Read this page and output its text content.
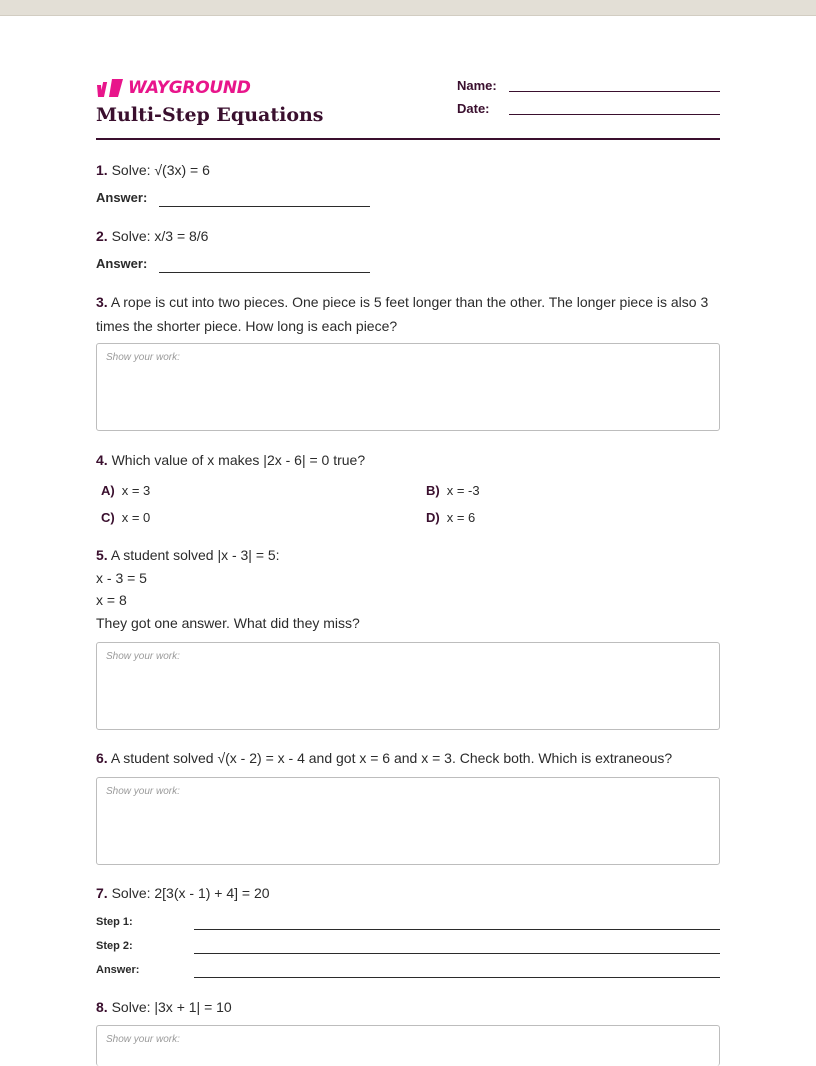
WAYGROUND
Multi-Step Equations
Name:
Date:
1. Solve: √(3x) = 6
Answer:
2. Solve: x/3 = 8/6
Answer:
3. A rope is cut into two pieces. One piece is 5 feet longer than the other. The longer piece is also 3 times the shorter piece. How long is each piece?
Show your work:
4. Which value of x makes |2x - 6| = 0 true?
A) x = 3	B) x = -3
C) x = 0	D) x = 6
5. A student solved |x - 3| = 5:
x - 3 = 5
x = 8
They got one answer. What did they miss?
Show your work:
6. A student solved √(x - 2) = x - 4 and got x = 6 and x = 3. Check both. Which is extraneous?
Show your work:
7. Solve: 2[3(x - 1) + 4] = 20
Step 1:
Step 2:
Answer:
8. Solve: |3x + 1| = 10
Show your work:
